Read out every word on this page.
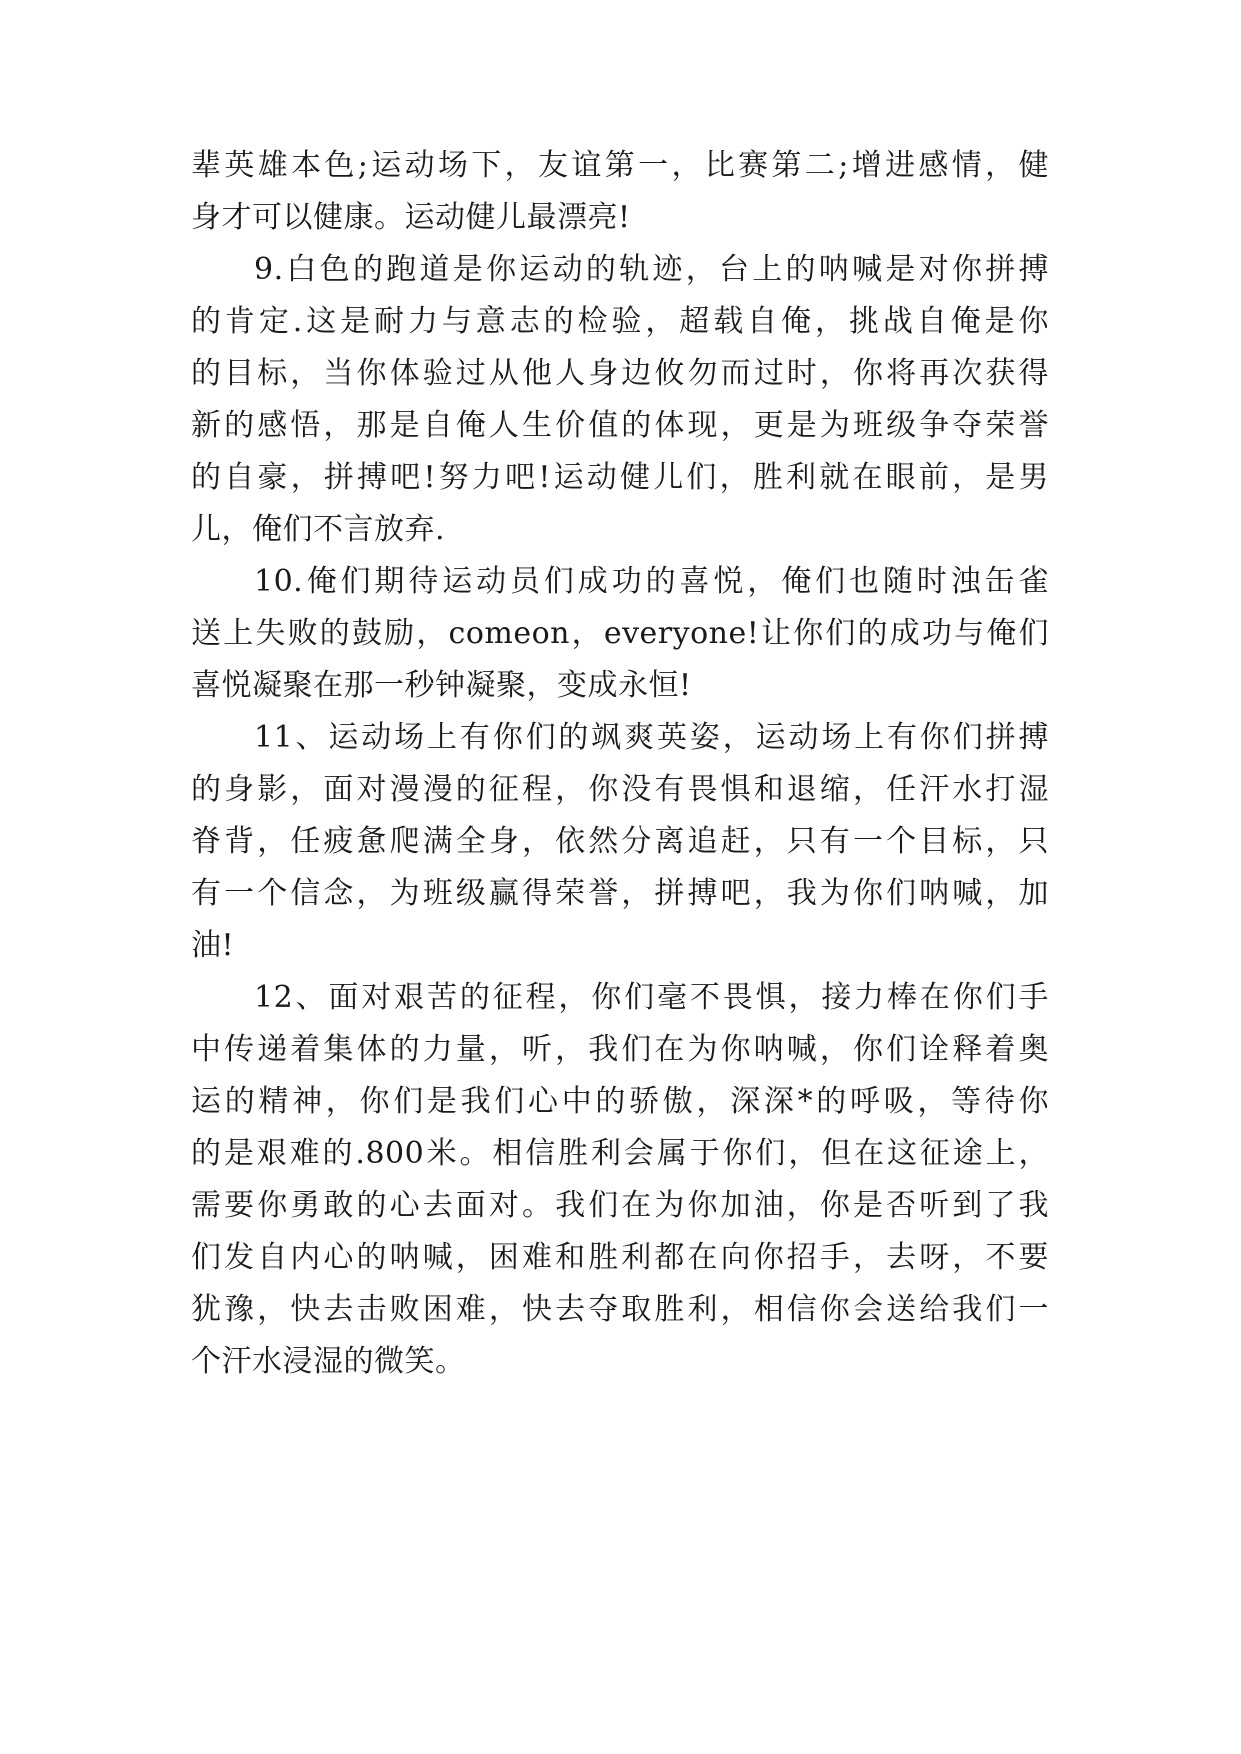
辈英雄本色;运动场下，友谊第一，比赛第二;增进感情，健
身才可以健康。运动健儿最漂亮!
9.白色的跑道是你运动的轨迹，台上的呐喊是对你拼搏
的肯定.这是耐力与意志的检验，超载自俺，挑战自俺是你
的目标，当你体验过从他人身边攸勿而过时，你将再次获得
新的感悟，那是自俺人生价值的体现，更是为班级争夺荣誉
的自豪，拼搏吧!努力吧!运动健儿们，胜利就在眼前，是男
儿，俺们不言放弃.
10.俺们期待运动员们成功的喜悦，俺们也随时浊缶雀
送上失败的鼓励，comeon，everyone!让你们的成功与俺们
喜悦凝聚在那一秒钟凝聚，变成永恒!
11、运动场上有你们的飒爽英姿，运动场上有你们拼搏
的身影，面对漫漫的征程，你没有畏惧和退缩，任汗水打湿
脊背，任疲惫爬满全身，依然分离追赶，只有一个目标，只
有一个信念，为班级赢得荣誉，拼搏吧，我为你们呐喊，加
油!
12、面对艰苦的征程，你们毫不畏惧，接力棒在你们手
中传递着集体的力量，听，我们在为你呐喊，你们诠释着奥
运的精神，你们是我们心中的骄傲，深深*的呼吸，等待你
的是艰难的.800米。相信胜利会属于你们，但在这征途上，
需要你勇敢的心去面对。我们在为你加油，你是否听到了我
们发自内心的呐喊，困难和胜利都在向你招手，去呀，不要
犹豫，快去击败困难，快去夺取胜利，相信你会送给我们一
个汗水浸湿的微笑。
